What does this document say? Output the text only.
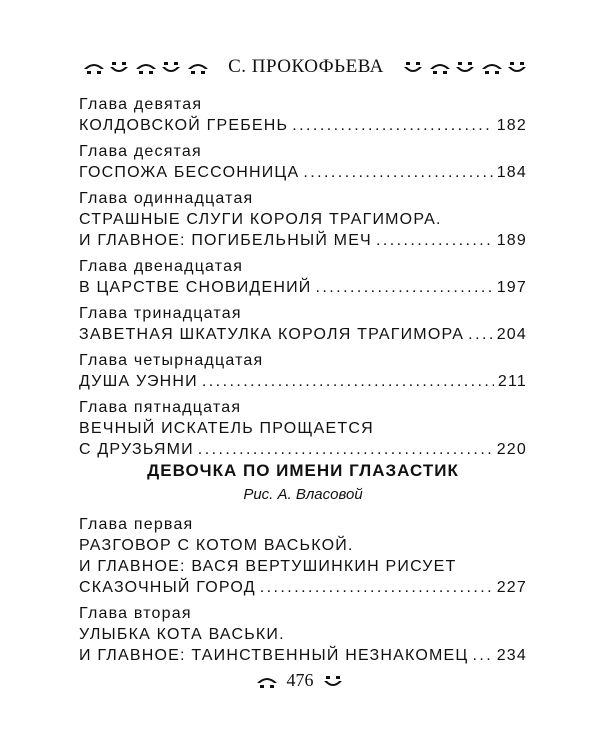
С. ПРОКОФЬЕВА
Глава девятая
КОЛДОВСКОЙ ГРЕБЕНЬ . . .	182
Глава десятая
ГОСПОЖА БЕССОННИЦА . . .	184
Глава одиннадцатая
СТРАШНЫЕ СЛУГИ КОРОЛЯ ТРАГИМОРА.
И ГЛАВНОЕ: ПОГИБЕЛЬНЫЙ МЕЧ . . .	189
Глава двенадцатая
В ЦАРСТВЕ СНОВИДЕНИЙ . . .	197
Глава тринадцатая
ЗАВЕТНАЯ ШКАТУЛКА КОРОЛЯ ТРАГИМОРА . . . 204
Глава четырнадцатая
ДУША УЭННИ . . .	211
Глава пятнадцатая
ВЕЧНЫЙ ИСКАТЕЛЬ ПРОЩАЕТСЯ
С ДРУЗЬЯМИ . . .	220
ДЕВОЧКА ПО ИМЕНИ ГЛАЗАСТИК
Рис. А. Власовой
Глава первая
РАЗГОВОР С КОТОМ ВАСЬКОЙ.
И ГЛАВНОЕ: ВАСЯ ВЕРТУШИНКИН РИСУЕТ
СКАЗОЧНЫЙ ГОРОД . . .	227
Глава вторая
УЛЫБКА КОТА ВАСЬКИ.
И ГЛАВНОЕ: ТАИНСТВЕННЫЙ НЕЗНАКОМЕЦ . . . 234
476
